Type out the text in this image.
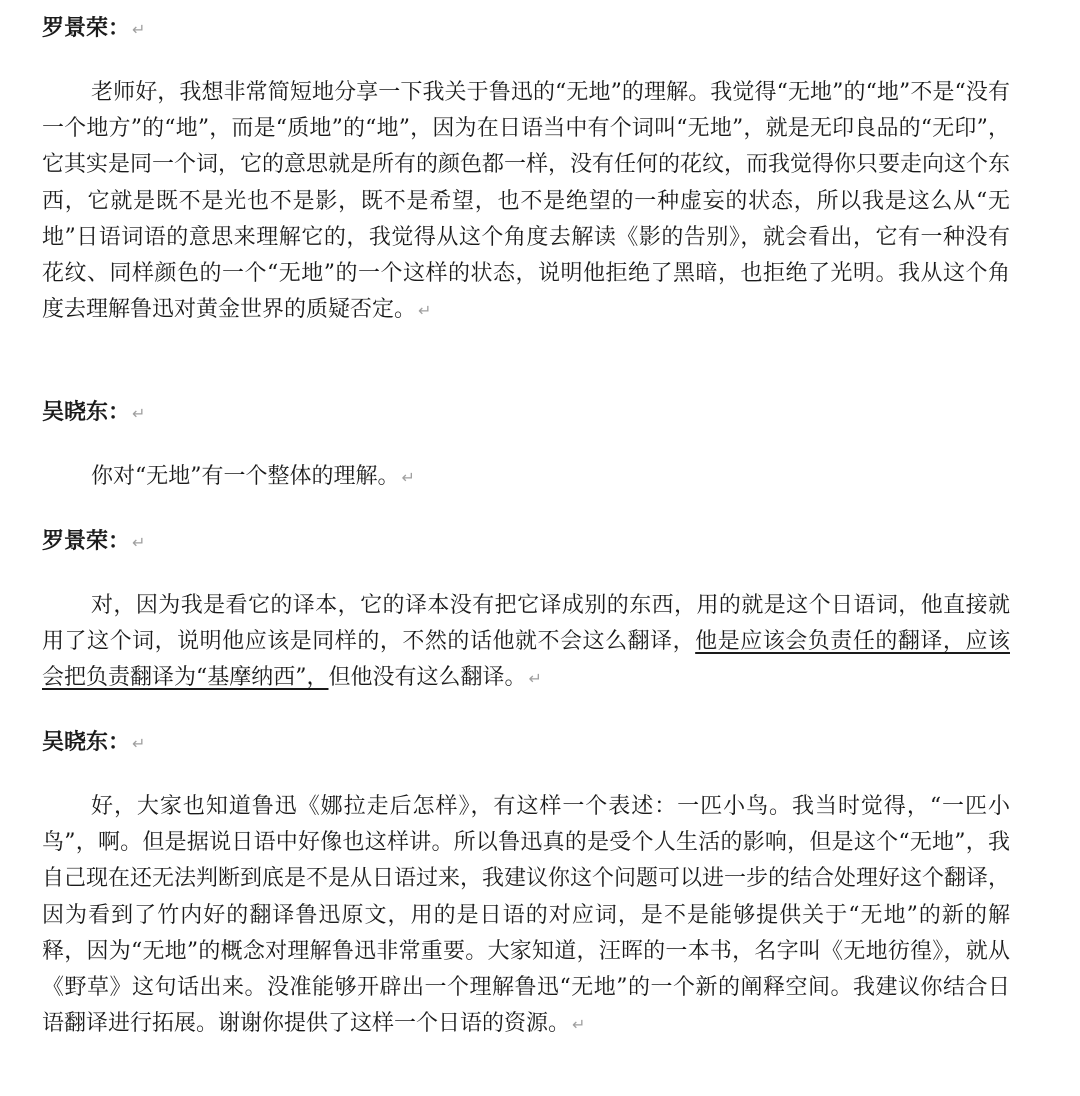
罗景荣： ↵
老师好，我想非常简短地分享一下我关于鲁迅的“无地”的理解。我觉得“无地”的“地”不是“没有一个地方”的“地”，而是“质地”的“地”，因为在日语当中有个词叫“无地”，就是无印良品的“无印”，它其实是同一个词，它的意思就是所有的颜色都一样，没有任何的花纹，而我觉得你只要走向这个东西，它就是既不是光也不是影，既不是希望，也不是绝望的一种虚妄的状态，所以我是这么从“无地”日语词语的意思来理解它的，我觉得从这个角度去解读《影的告别》，就会看出，它有一种没有花纹、同样颜色的一个“无地”的一个这样的状态，说明他拒绝了黑暗，也拒绝了光明。我从这个角度去理解鲁迅对黄金世界的质疑否定。 ↵
吴晓东： ↵
你对“无地”有一个整体的理解。 ↵
罗景荣： ↵
对，因为我是看它的译本，它的译本没有把它译成别的东西，用的就是这个日语词，他直接就用了这个词，说明他应该是同样的，不然的话他就不会这么翻译，他是应该会负责任的翻译，应该会把负责翻译为“基摩纳西”，但他没有这么翻译。 ↵
吴晓东： ↵
好，大家也知道鲁迅《娜拉走后怎样》，有这样一个表述：一匹小鸟。我当时觉得，“一匹小鸟”，啊。但是据说日语中好像也这样讲。所以鲁迅真的是受个人生活的影响，但是这个“无地”，我自己现在还无法判断到底是不是从日语过来，我建议你这个问题可以进一步的结合处理好这个翻译，因为看到了竹内好的翻译鲁迅原文，用的是日语的对应词，是不是能够提供关于“无地”的新的解释，因为“无地”的概念对理解鲁迅非常重要。大家知道，汪晖的一本书，名字叫《无地彷徨》，就从《野草》这句话出来。没准能够开辟出一个理解鲁迅“无地”的一个新的阐释空间。我建议你结合日语翻译进行拓展。谢谢你提供了这样一个日语的资源。 ↵
